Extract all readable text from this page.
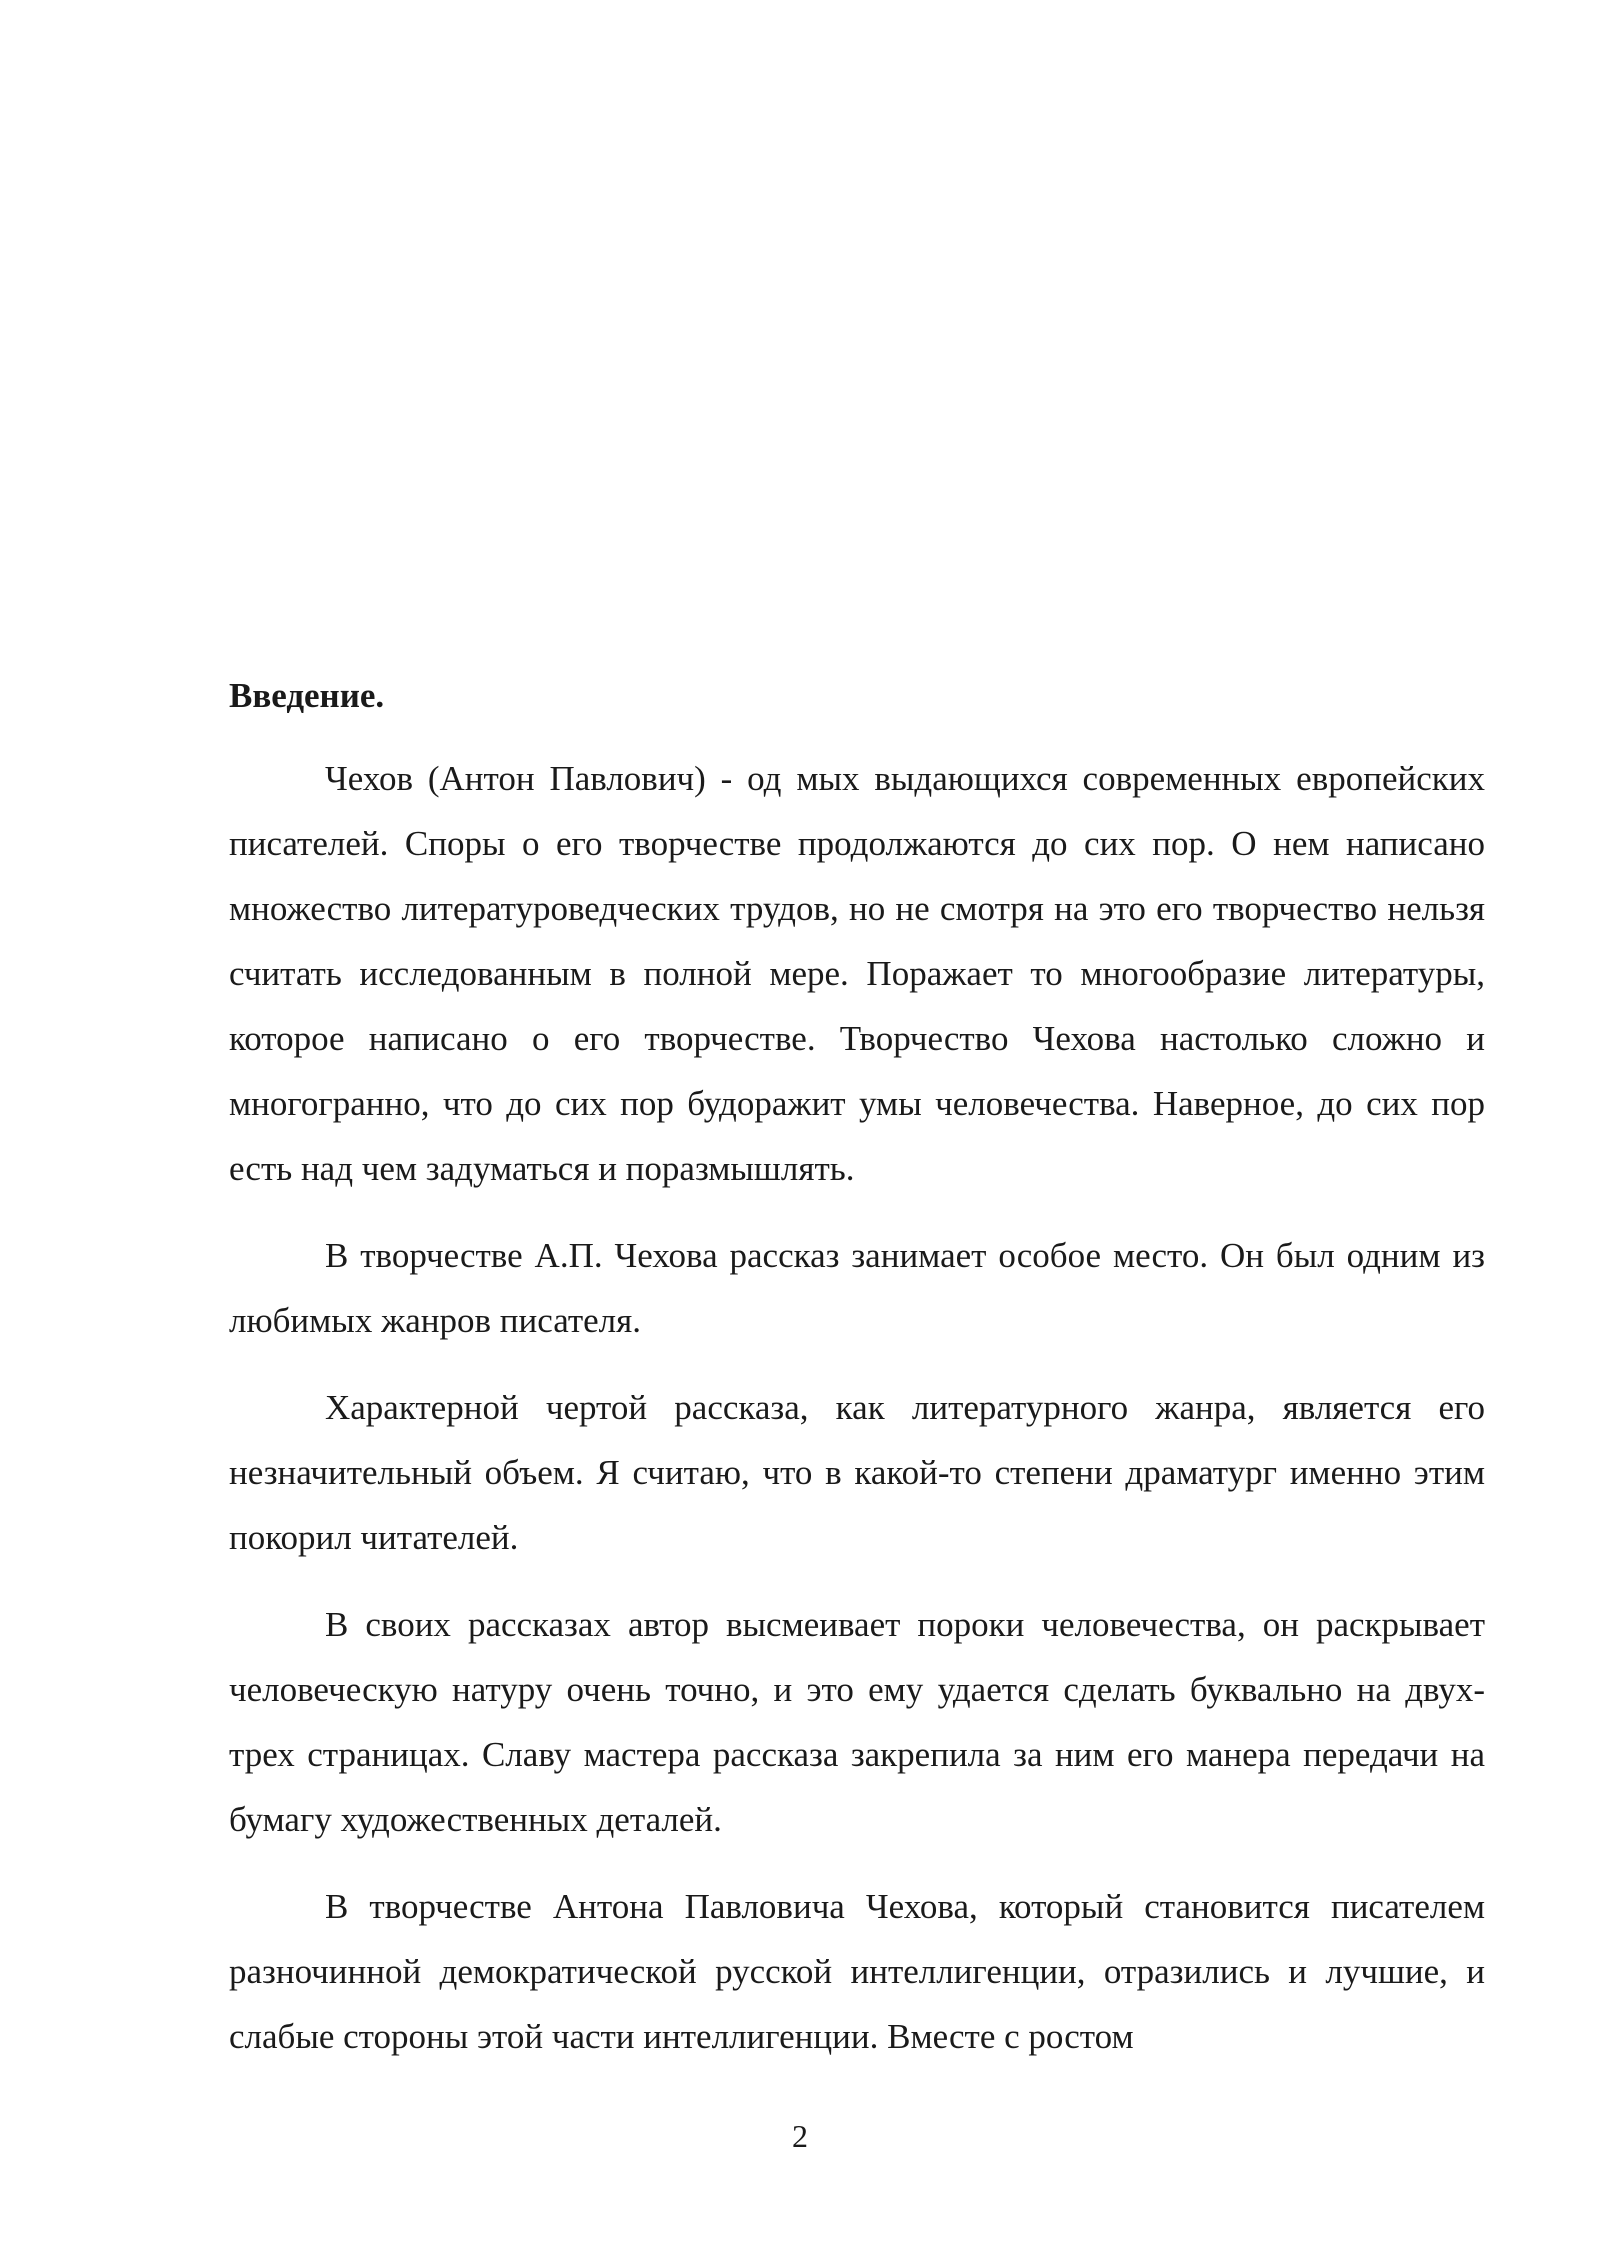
Введение.

Чехов (Антон Павлович) - од мых выдающихся современных европейских писателей. Споры о его творчестве продолжаются до сих пор. О нем написано множество литературоведческих трудов, но не смотря на это его творчество нельзя считать исследованным в полной мере. Поражает то многообразие литературы, которое написано о его творчестве. Творчество Чехова настолько сложно и многогранно, что до сих пор будоражит умы человечества. Наверное, до сих пор есть над чем задуматься и поразмышлять.

В творчестве А.П. Чехова рассказ занимает особое место. Он был одним из любимых жанров писателя.

Характерной чертой рассказа, как литературного жанра, является его незначительный объем. Я считаю, что в какой-то степени драматург именно этим покорил читателей.

В своих рассказах автор высмеивает пороки человечества, он раскрывает человеческую натуру очень точно, и это ему удается сделать буквально на двух-трех страницах. Славу мастера рассказа закрепила за ним его манера передачи на бумагу художественных деталей.

В творчестве Антона Павловича Чехова, который становится писателем разночинной демократической русской интеллигенции, отразились и лучшие, и слабые стороны этой части интеллигенции. Вместе с ростом

2
